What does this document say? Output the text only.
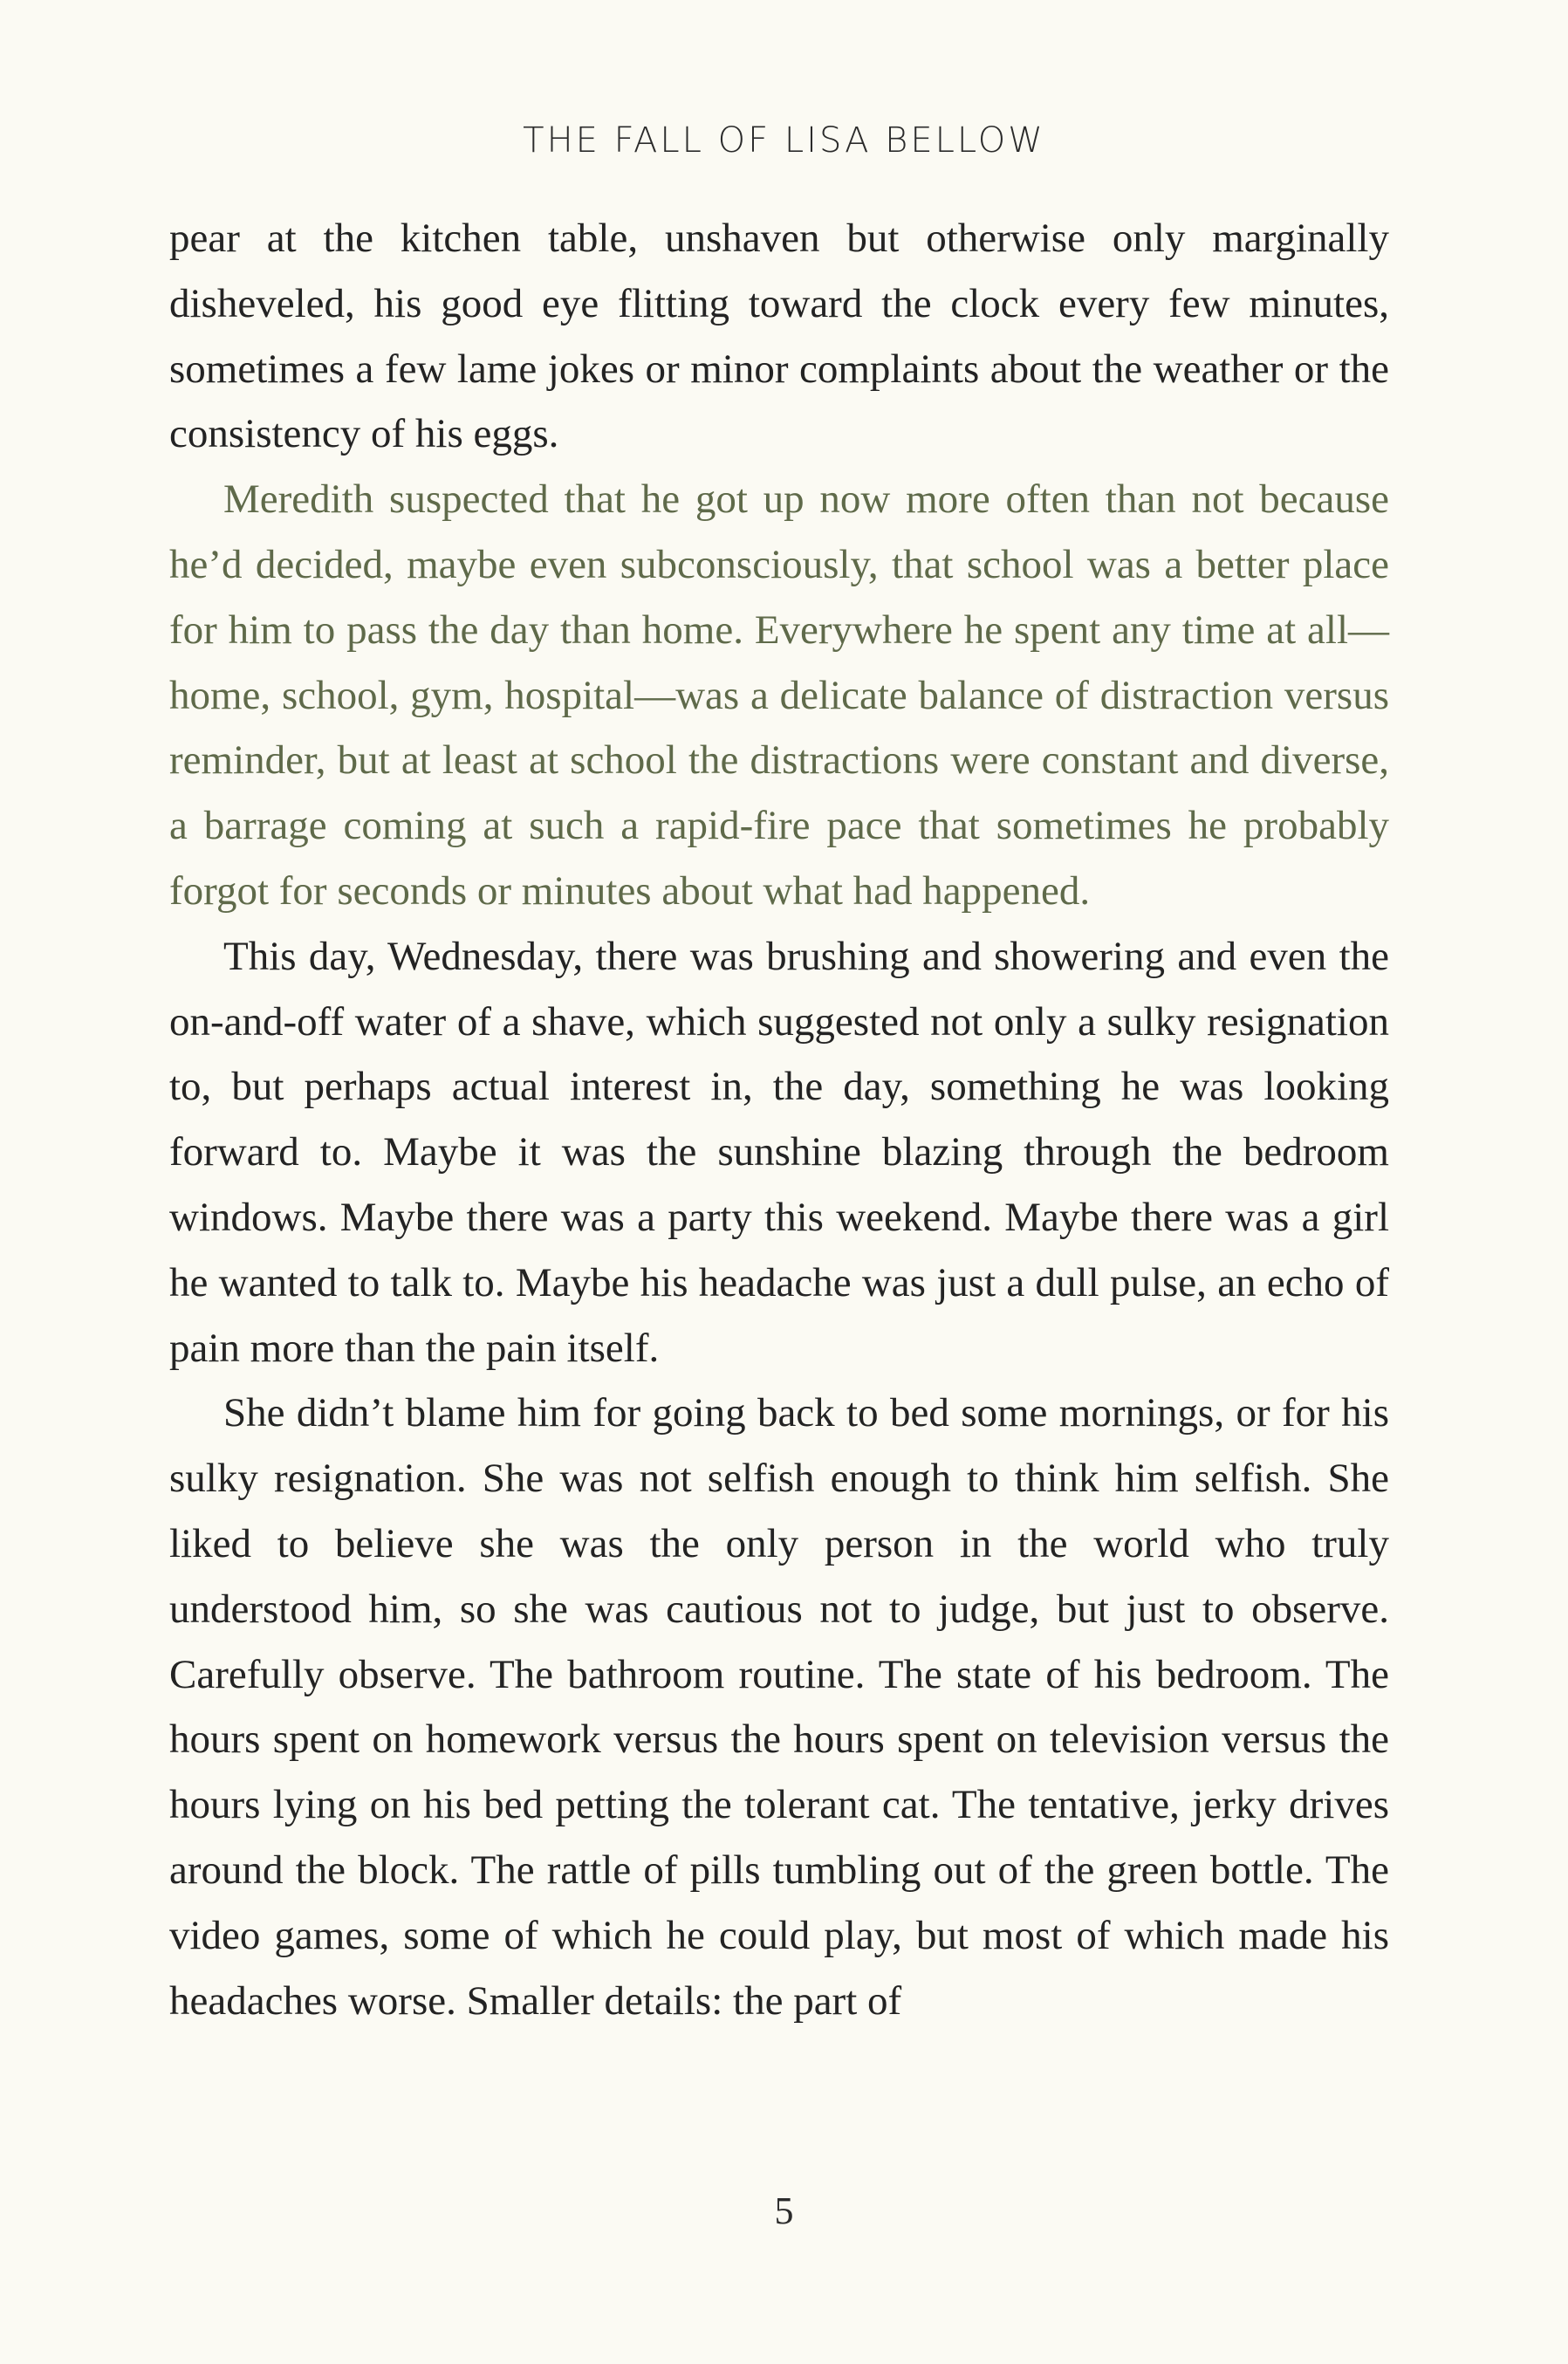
THE FALL OF LISA BELLOW

pear at the kitchen table, unshaven but otherwise only marginally disheveled, his good eye flitting toward the clock every few minutes, sometimes a few lame jokes or minor complaints about the weather or the consistency of his eggs.

Meredith suspected that he got up now more often than not because he’d decided, maybe even subconsciously, that school was a better place for him to pass the day than home. Everywhere he spent any time at all—home, school, gym, hospital—was a delicate balance of distraction versus reminder, but at least at school the distractions were constant and diverse, a barrage coming at such a rapid-fire pace that sometimes he probably forgot for seconds or minutes about what had happened.

This day, Wednesday, there was brushing and showering and even the on-and-off water of a shave, which suggested not only a sulky resignation to, but perhaps actual interest in, the day, something he was looking forward to. Maybe it was the sunshine blazing through the bedroom windows. Maybe there was a party this weekend. Maybe there was a girl he wanted to talk to. Maybe his headache was just a dull pulse, an echo of pain more than the pain itself.

She didn’t blame him for going back to bed some mornings, or for his sulky resignation. She was not selfish enough to think him selfish. She liked to believe she was the only person in the world who truly understood him, so she was cautious not to judge, but just to observe. Carefully observe. The bathroom routine. The state of his bedroom. The hours spent on homework versus the hours spent on television versus the hours lying on his bed petting the tolerant cat. The tentative, jerky drives around the block. The rattle of pills tumbling out of the green bottle. The video games, some of which he could play, but most of which made his headaches worse. Smaller details: the part of

5
